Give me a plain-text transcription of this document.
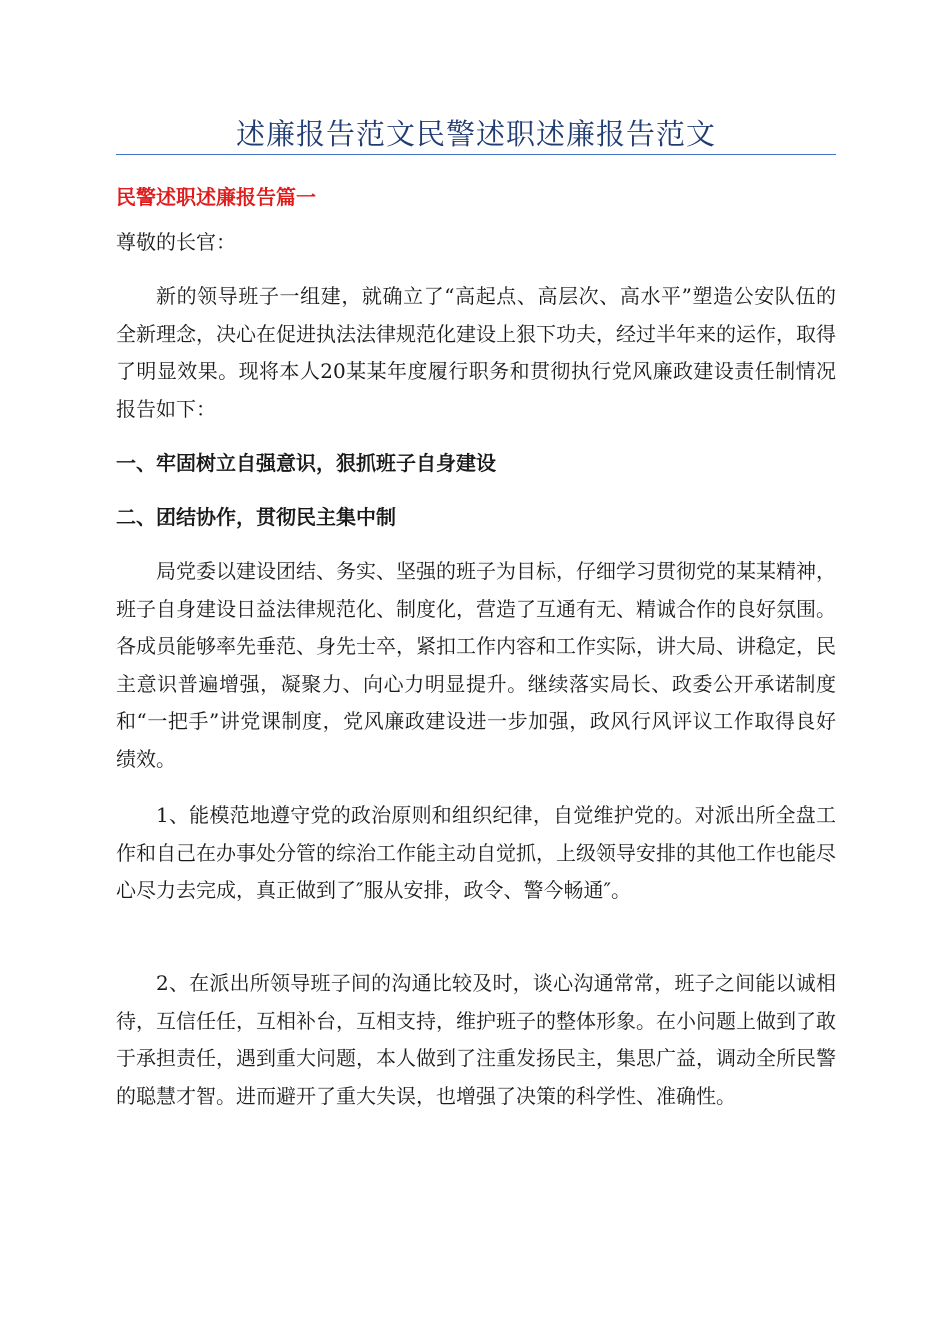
述廉报告范文民警述职述廉报告范文
民警述职述廉报告篇一
尊敬的长官：

新的领导班子一组建，就确立了“高起点、高层次、高水平”塑造公安队伍的全新理念，决心在促进执法法律规范化建设上狠下功夫，经过半年来的运作，取得了明显效果。现将本人20某某年度履行职务和贯彻执行党风廉政建设责任制情况报告如下：

一、牢固树立自强意识，狠抓班子自身建设
二、团结协作，贯彻民主集中制

局党委以建设团结、务实、坚强的班子为目标，仔细学习贯彻党的某某精神，班子自身建设日益法律规范化、制度化，营造了互通有无、精诚合作的良好氛围。各成员能够率先垂范、身先士卒，紧扣工作内容和工作实际，讲大局、讲稳定，民主意识普遍增强，凝聚力、向心力明显提升。继续落实局长、政委公开承诺制度和“一把手”讲党课制度，党风廉政建设进一步加强，政风行风评议工作取得良好绩效。

1、能模范地遵守党的政治原则和组织纪律，自觉维护党的。对派出所全盘工作和自己在办事处分管的综治工作能主动自觉抓，上级领导安排的其他工作也能尽心尽力去完成，真正做到了″服从安排，政令、警今畅通″。

2、在派出所领导班子间的沟通比较及时，谈心沟通常常，班子之间能以诚相待，互信任任，互相补台，互相支持，维护班子的整体形象。在小问题上做到了敢于承担责任，遇到重大问题，本人做到了注重发扬民主，集思广益，调动全所民警的聪慧才智。进而避开了重大失误，也增强了决策的科学性、准确性。
